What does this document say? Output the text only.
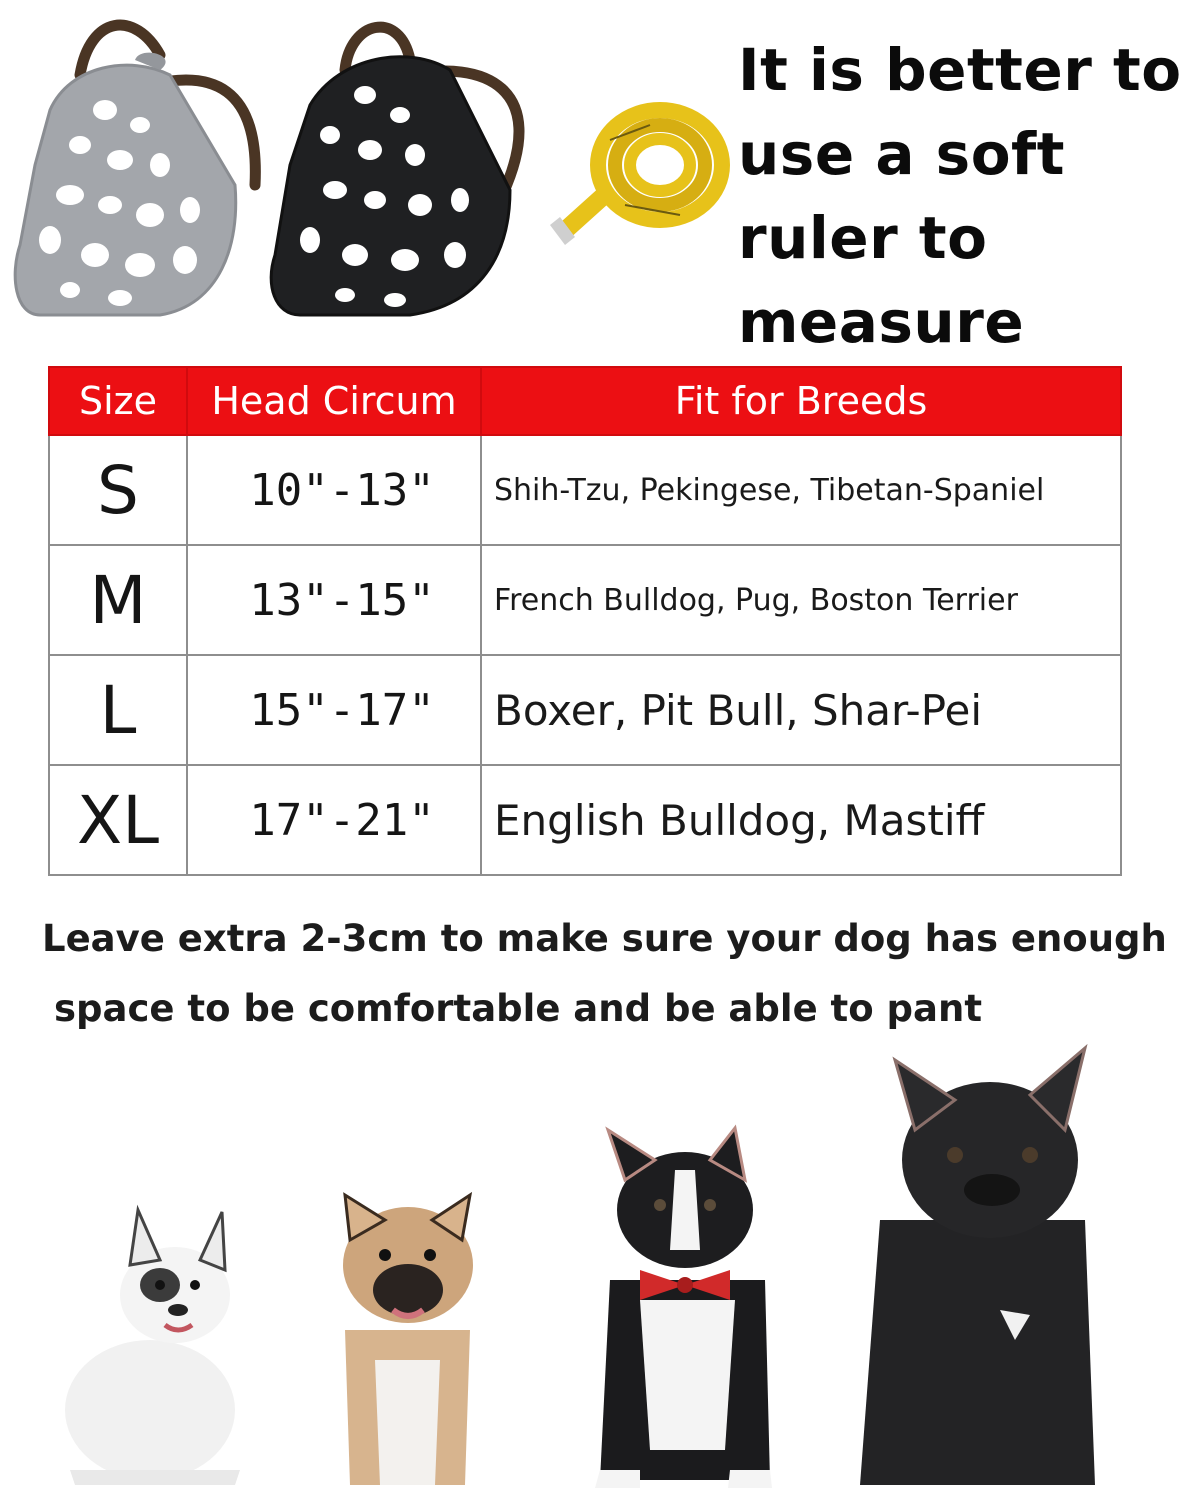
It is better to
use a soft
ruler to
measure
Size	Head Circum	Fit for Breeds
S	10"-13"	Shih-Tzu, Pekingese, Tibetan-Spaniel
M	13"-15"	French Bulldog, Pug, Boston Terrier
L	15"-17"	Boxer, Pit Bull, Shar-Pei
XL	17"-21"	English Bulldog, Mastiff
Leave extra 2-3cm to make sure your dog has enough
space to be comfortable and be able to pant
